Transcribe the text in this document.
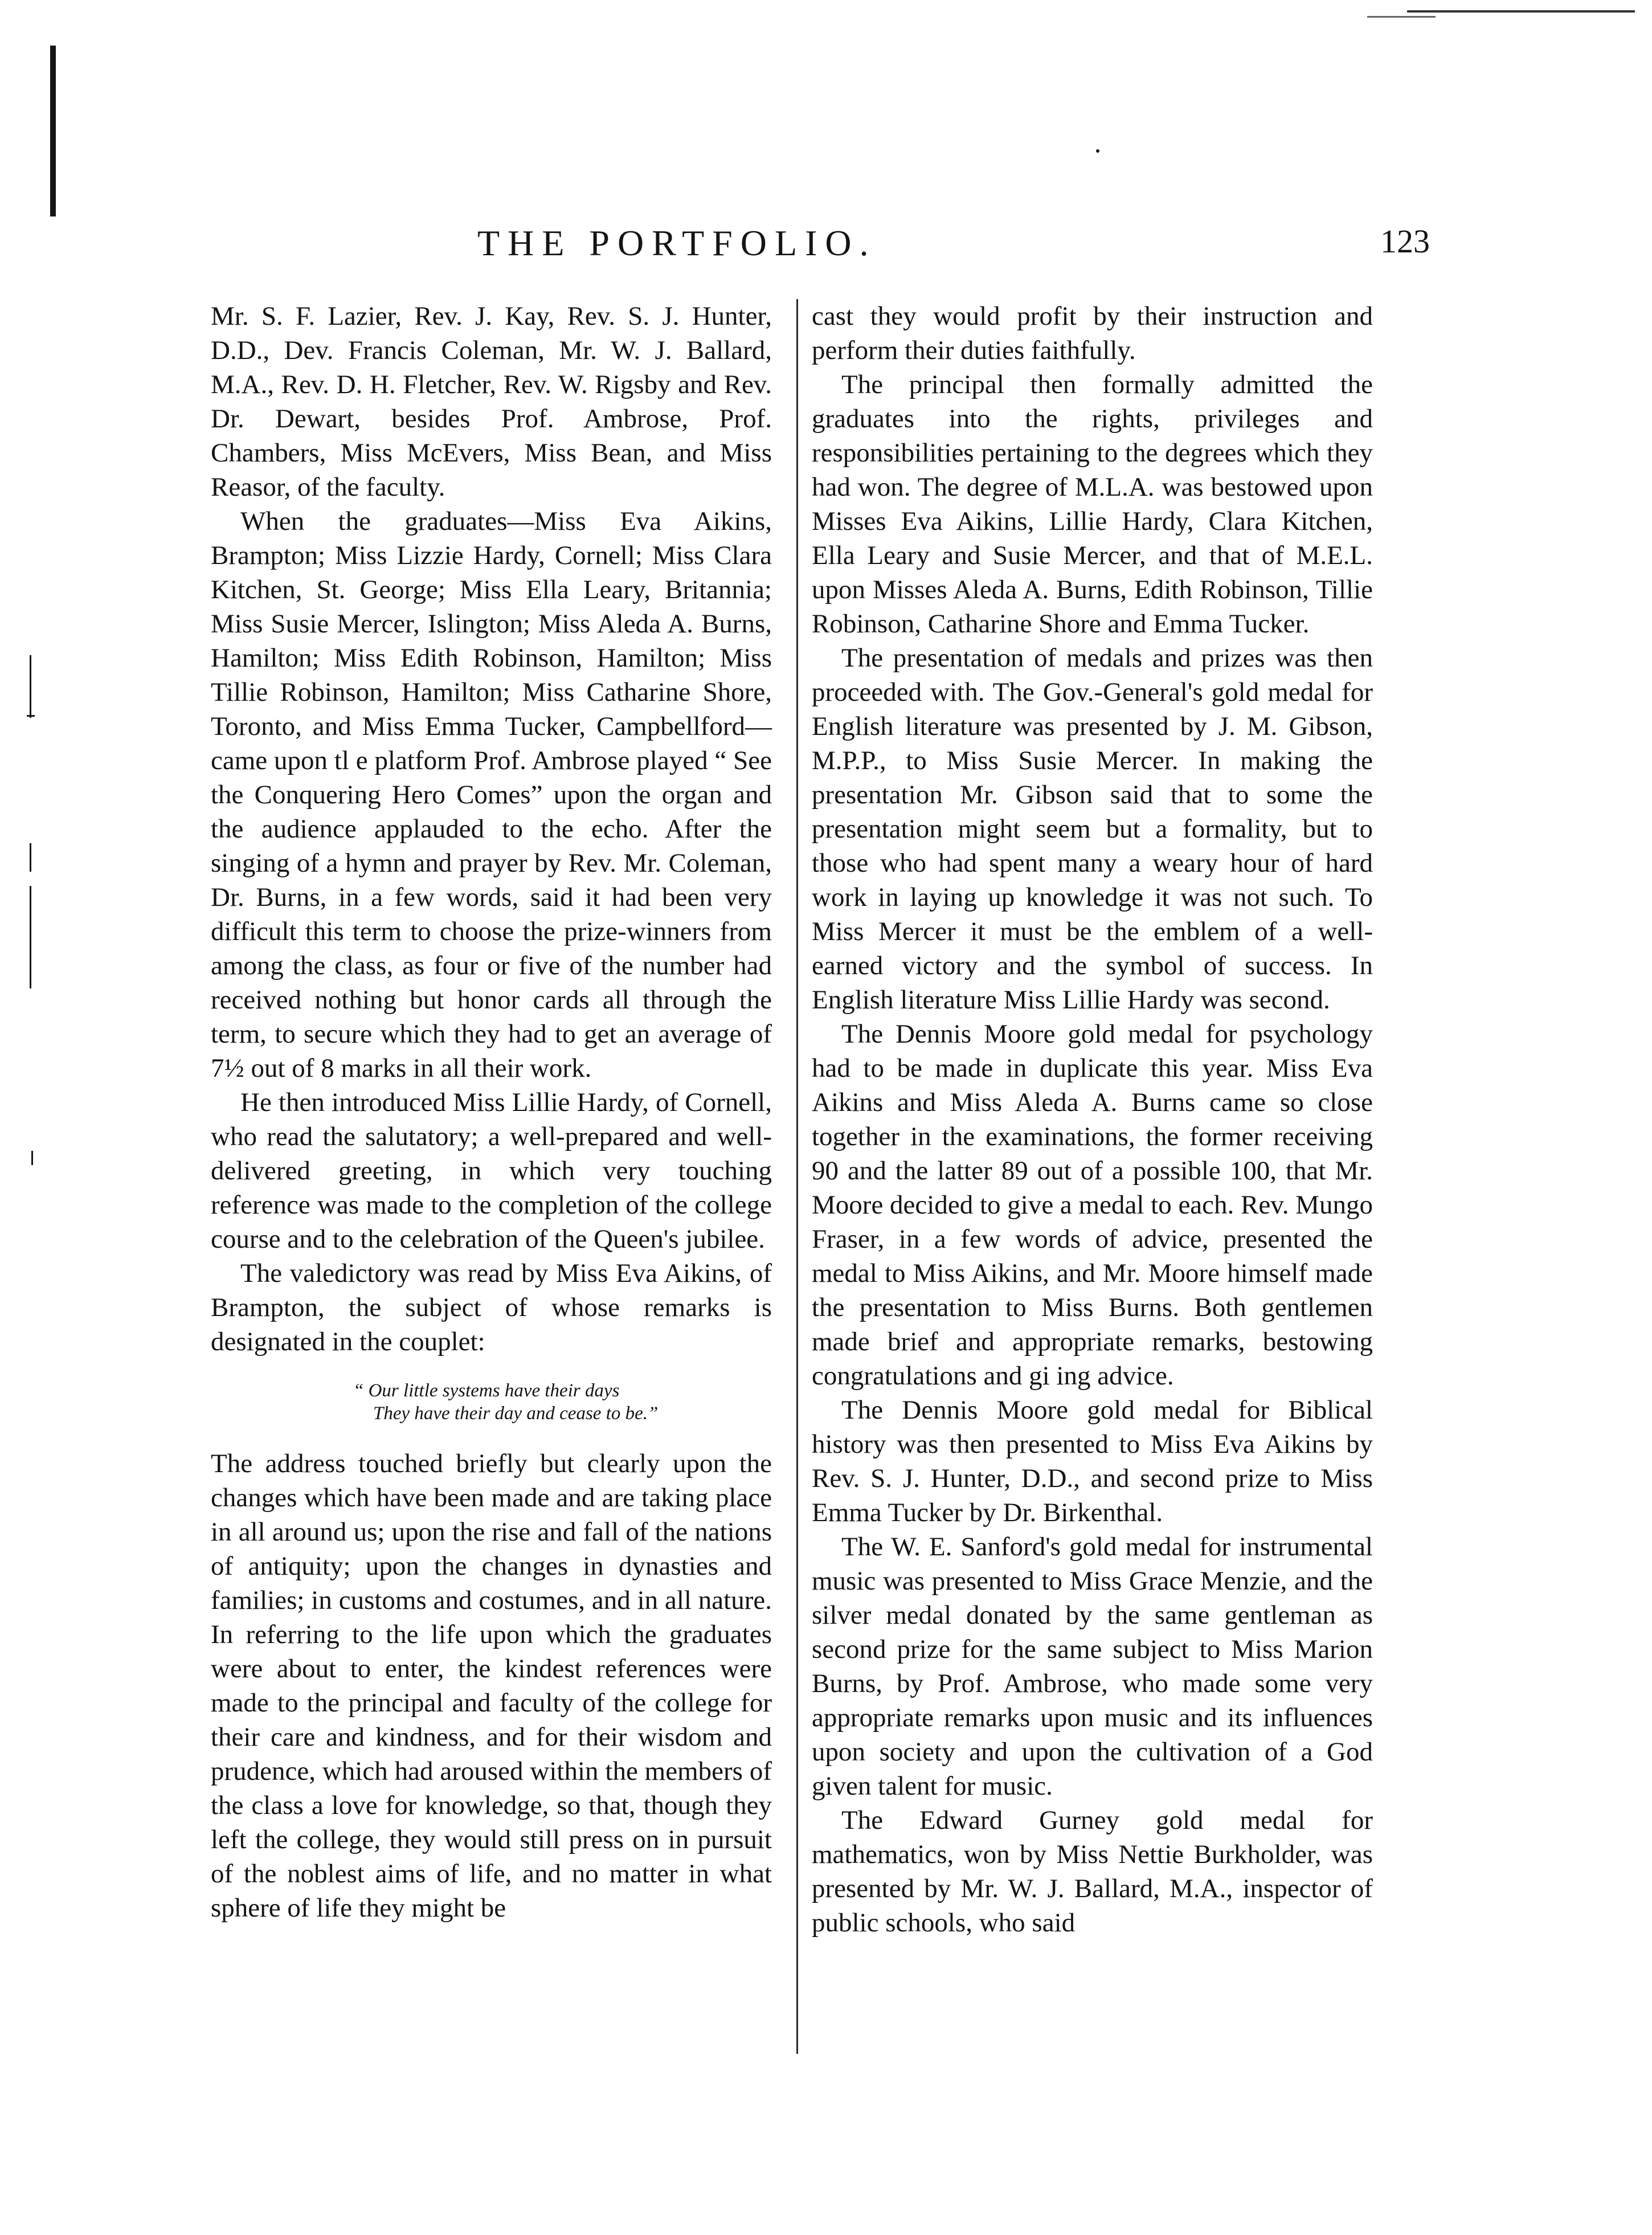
THE PORTFOLIO.	123

Mr. S. F. Lazier, Rev. J. Kay, Rev. S. J. Hunter, D.D., Dev. Francis Coleman, Mr. W. J. Ballard, M.A., Rev. D. H. Fletcher, Rev. W. Rigsby and Rev. Dr. Dewart, besides Prof. Ambrose, Prof. Chambers, Miss McEvers, Miss Bean, and Miss Reasor, of the faculty.

When the graduates—Miss Eva Aikins, Brampton; Miss Lizzie Hardy, Cornell; Miss Clara Kitchen, St. George; Miss Ella Leary, Britannia; Miss Susie Mercer, Islington; Miss Aleda A. Burns, Hamilton; Miss Edith Robinson, Hamilton; Miss Tillie Robinson, Hamilton; Miss Catharine Shore, Toronto, and Miss Emma Tucker, Campbellford—came upon tl e platform Prof. Ambrose played “ See the Conquering Hero Comes” upon the organ and the audience applauded to the echo. After the singing of a hymn and prayer by Rev. Mr. Coleman, Dr. Burns, in a few words, said it had been very difficult this term to choose the prize-winners from among the class, as four or five of the number had received nothing but honor cards all through the term, to secure which they had to get an average of 7½ out of 8 marks in all their work.

He then introduced Miss Lillie Hardy, of Cornell, who read the salutatory; a well-prepared and well-delivered greeting, in which very touching reference was made to the completion of the college course and to the celebration of the Queen's jubilee.

The valedictory was read by Miss Eva Aikins, of Brampton, the subject of whose remarks is designated in the couplet:

“ Our little systems have their days
They have their day and cease to be.”

The address touched briefly but clearly upon the changes which have been made and are taking place in all around us; upon the rise and fall of the nations of antiquity; upon the changes in dynasties and families; in customs and costumes, and in all nature. In referring to the life upon which the graduates were about to enter, the kindest references were made to the principal and faculty of the college for their care and kindness, and for their wisdom and prudence, which had aroused within the members of the class a love for knowledge, so that, though they left the college, they would still press on in pursuit of the noblest aims of life, and no matter in what sphere of life they might be

cast they would profit by their instruction and perform their duties faithfully.

The principal then formally admitted the graduates into the rights, privileges and responsibilities pertaining to the degrees which they had won. The degree of M.L.A. was bestowed upon Misses Eva Aikins, Lillie Hardy, Clara Kitchen, Ella Leary and Susie Mercer, and that of M.E.L. upon Misses Aleda A. Burns, Edith Robinson, Tillie Robinson, Catharine Shore and Emma Tucker.

The presentation of medals and prizes was then proceeded with. The Gov.-General's gold medal for English literature was presented by J. M. Gibson, M.P.P., to Miss Susie Mercer. In making the presentation Mr. Gibson said that to some the presentation might seem but a formality, but to those who had spent many a weary hour of hard work in laying up knowledge it was not such. To Miss Mercer it must be the emblem of a well-earned victory and the symbol of success. In English literature Miss Lillie Hardy was second.

The Dennis Moore gold medal for psychology had to be made in duplicate this year. Miss Eva Aikins and Miss Aleda A. Burns came so close together in the examinations, the former receiving 90 and the latter 89 out of a possible 100, that Mr. Moore decided to give a medal to each. Rev. Mungo Fraser, in a few words of advice, presented the medal to Miss Aikins, and Mr. Moore himself made the presentation to Miss Burns. Both gentlemen made brief and appropriate remarks, bestowing congratulations and gi ing advice.

The Dennis Moore gold medal for Biblical history was then presented to Miss Eva Aikins by Rev. S. J. Hunter, D.D., and second prize to Miss Emma Tucker by Dr. Birkenthal.

The W. E. Sanford's gold medal for instrumental music was presented to Miss Grace Menzie, and the silver medal donated by the same gentleman as second prize for the same subject to Miss Marion Burns, by Prof. Ambrose, who made some very appropriate remarks upon music and its influences upon society and upon the cultivation of a God given talent for music.

The Edward Gurney gold medal for mathematics, won by Miss Nettie Burkholder, was presented by Mr. W. J. Ballard, M.A., inspector of public schools, who said
